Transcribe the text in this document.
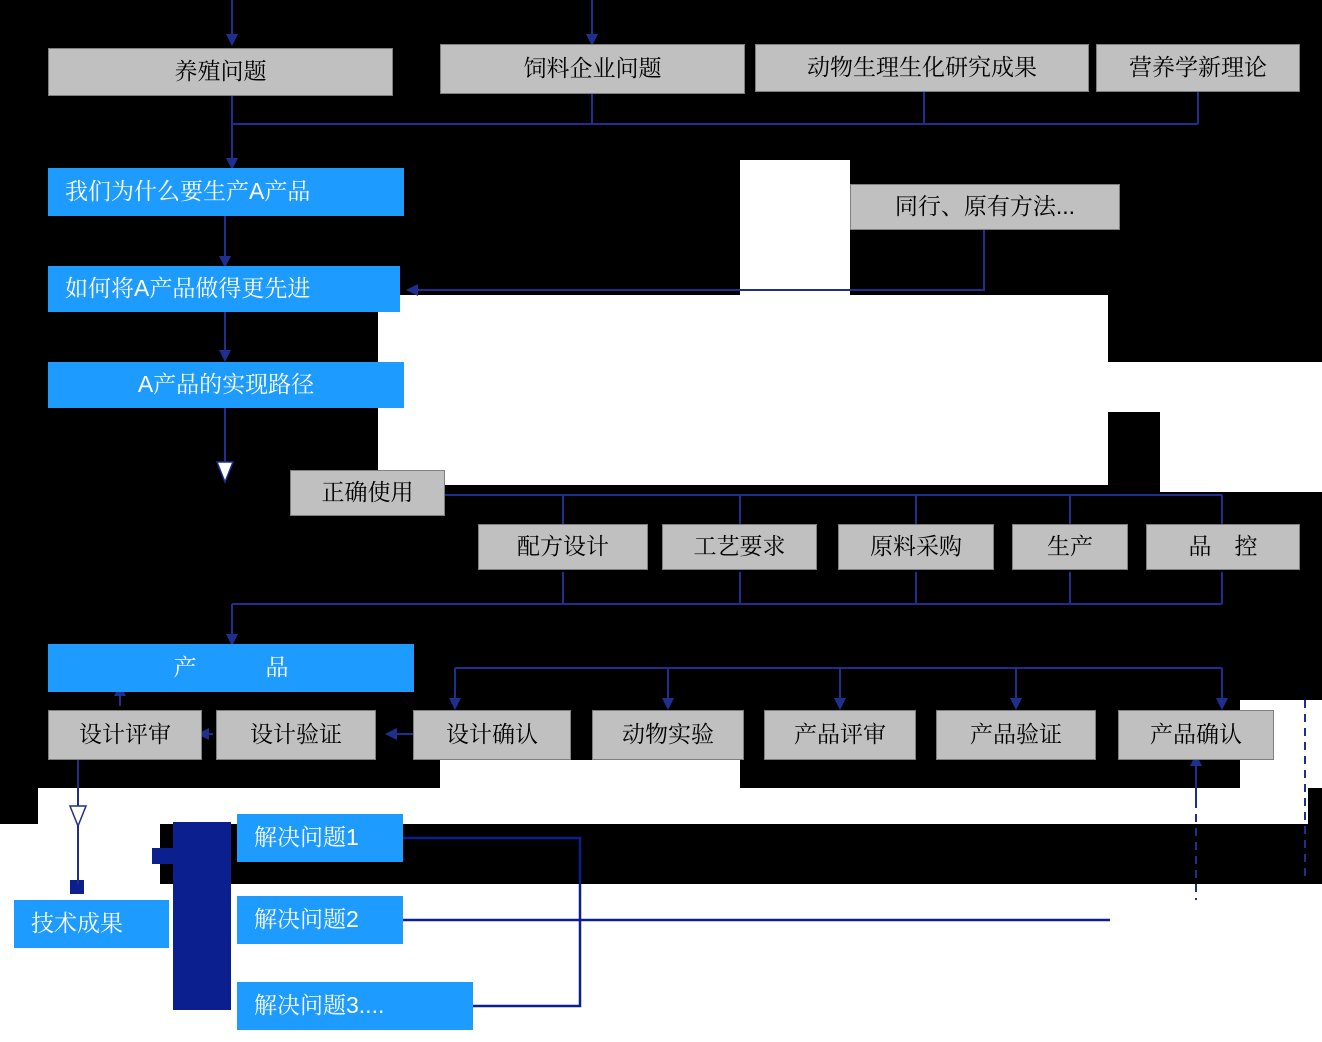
养殖问题	饲料企业问题	动物生理生化研究成果	营养学新理论
我们为什么要生产A产品
如何将A产品做得更先进
A产品的实现路径
同行、原有方法...
正确使用
配方设计	工艺要求	原料采购	生产	品　控
产　　　品
设计评审	设计验证	设计确认	动物实验	产品评审	产品验证	产品确认
技术成果
解决问题1
解决问题2
解决问题3....
